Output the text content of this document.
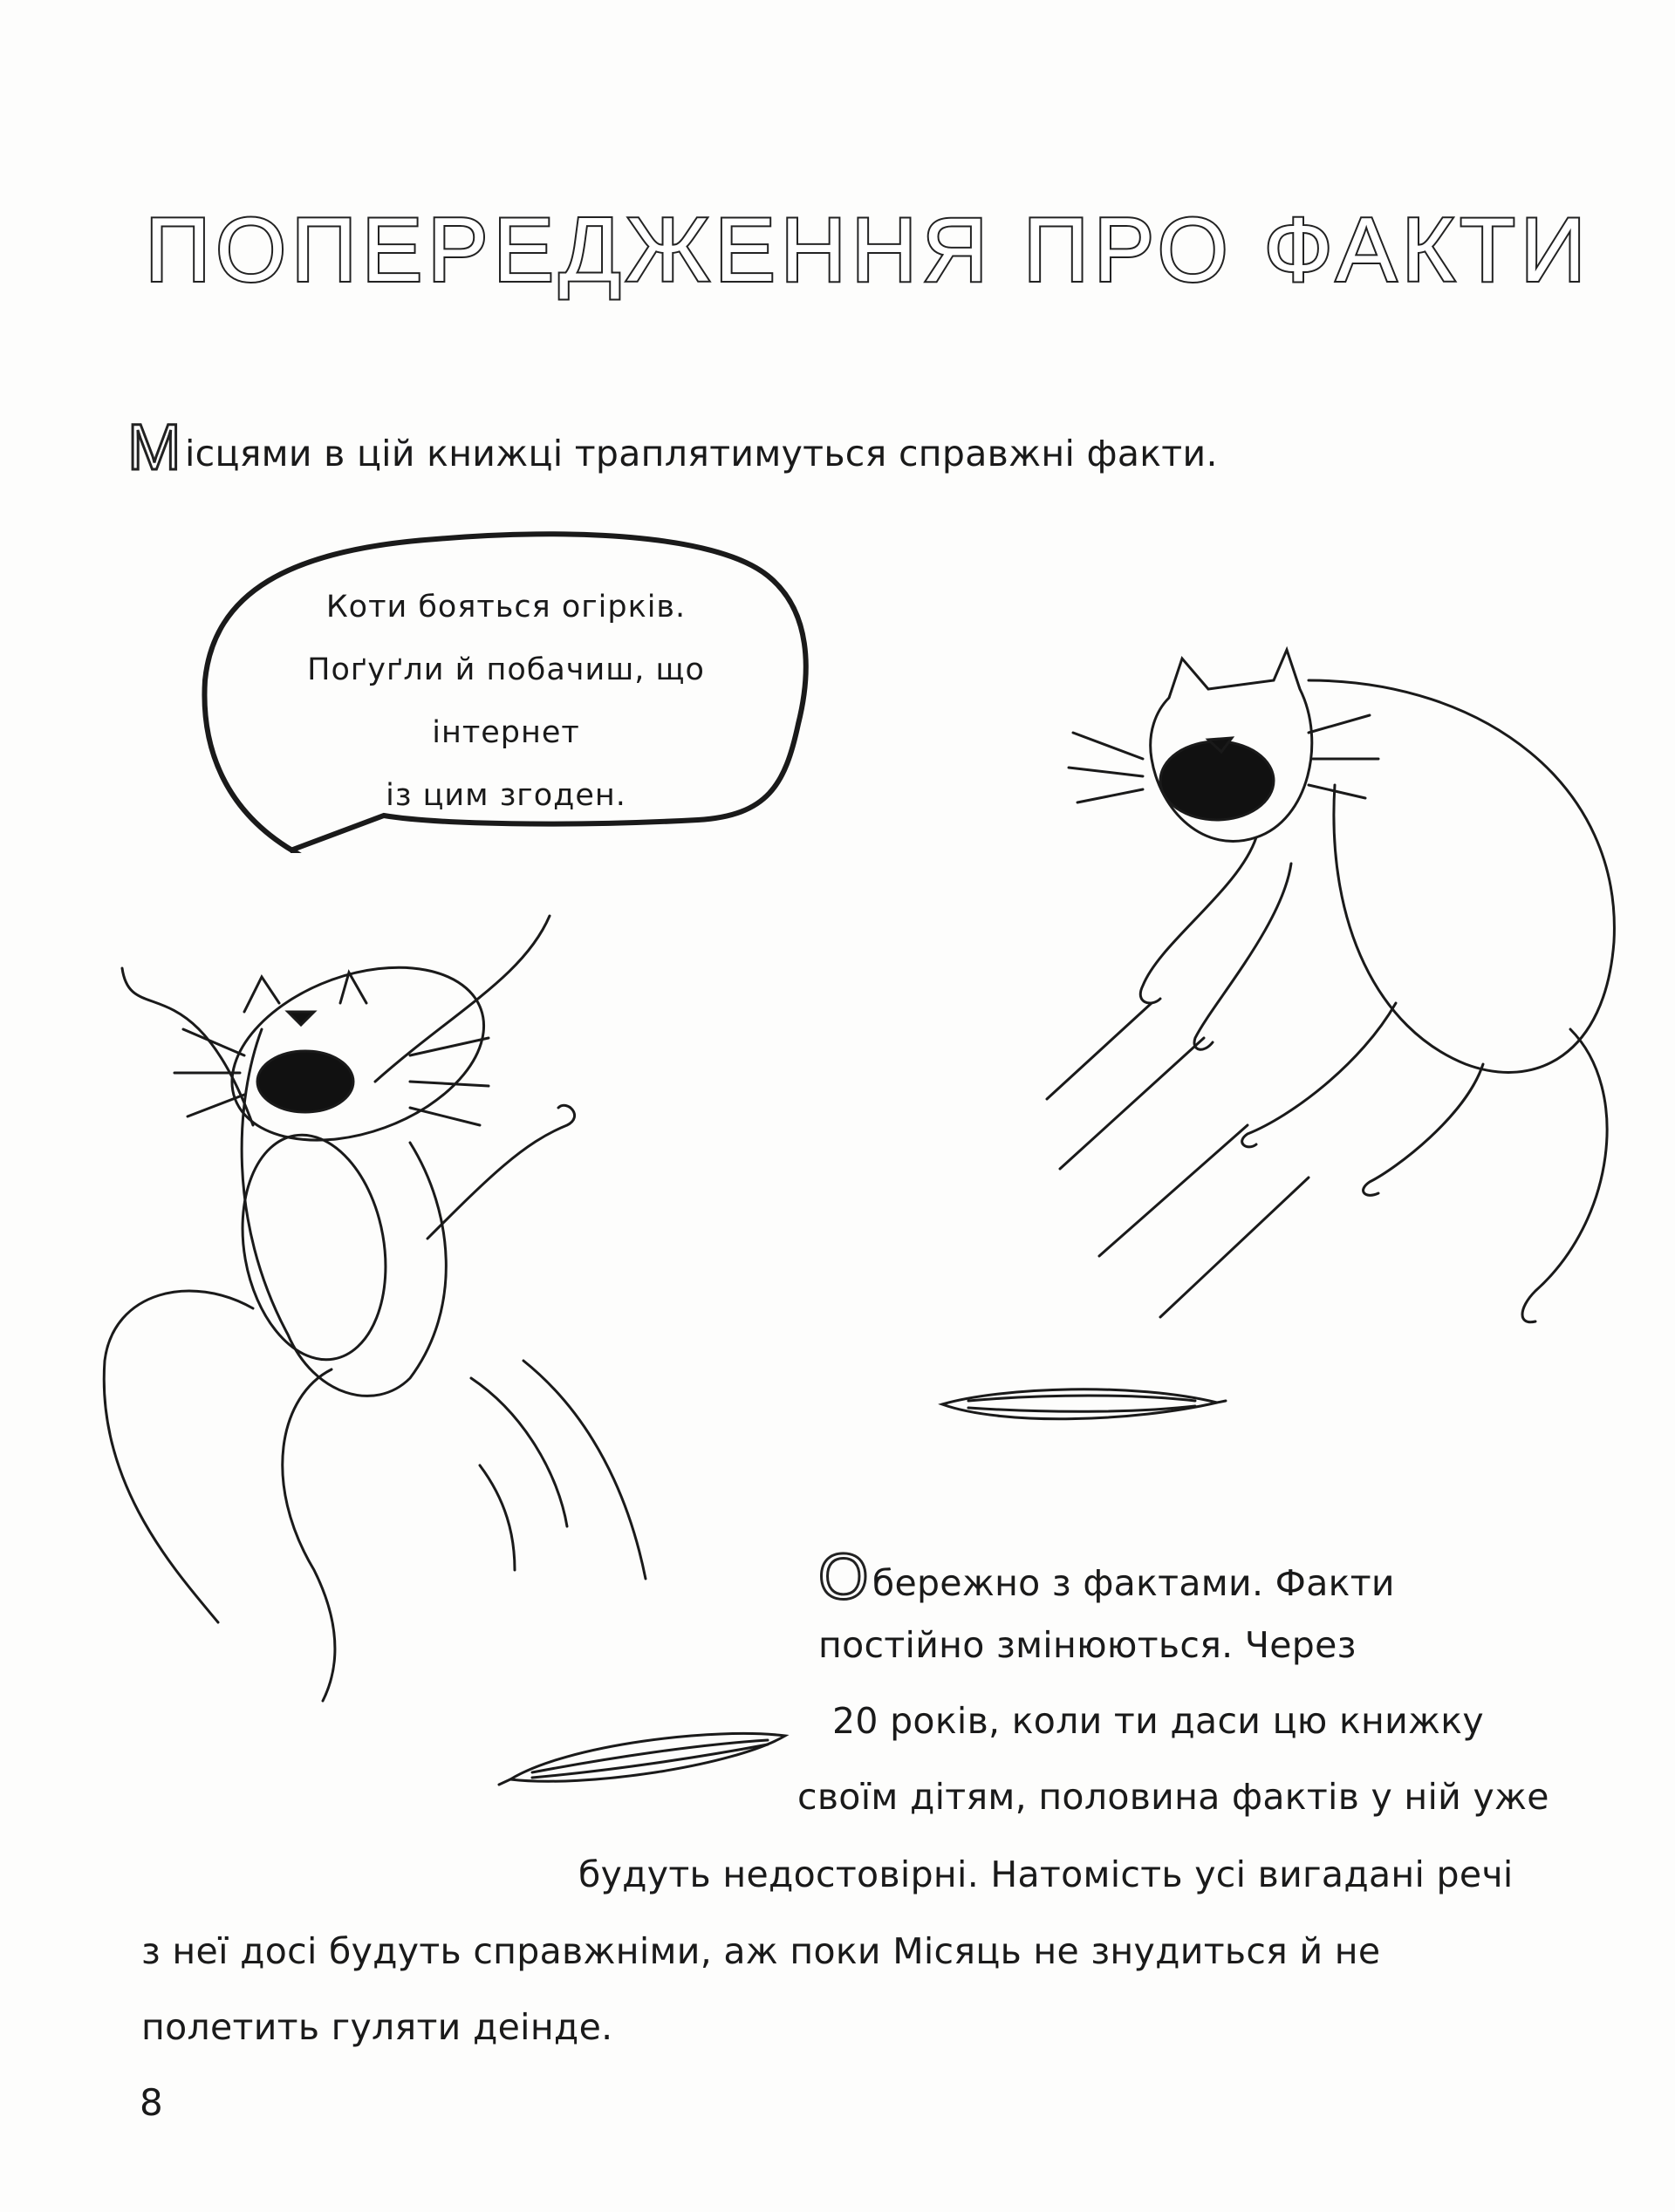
ПОПЕРЕДЖЕННЯ ПРО ФАКТИ
Місцями в цій книжці траплятимуться справжні факти.
Коти бояться огірків.
Поґуґли й побачиш, що інтернет
із цим згоден.
Обережно з фактами. Факти
постійно змінюються. Через
20 років, коли ти даси цю книжку
своїм дітям, половина фактів у ній уже
будуть недостовірні. Натомість усі вигадані речі
з неї досі будуть справжніми, аж поки Місяць не знудиться й не
полетить гуляти деінде.
8
